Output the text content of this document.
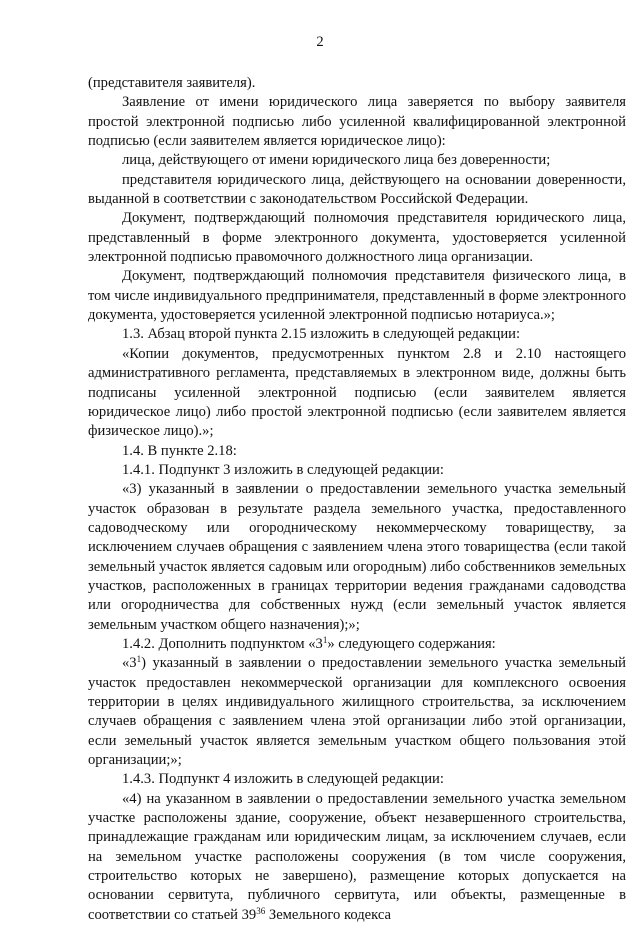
2

(представителя заявителя).

Заявление от имени юридического лица заверяется по выбору заявителя простой электронной подписью либо усиленной квалифицированной электронной подписью (если заявителем является юридическое лицо):

лица, действующего от имени юридического лица без доверенности;

представителя юридического лица, действующего на основании доверенности, выданной в соответствии с законодательством Российской Федерации.

Документ, подтверждающий полномочия представителя юридического лица, представленный в форме электронного документа, удостоверяется усиленной электронной подписью правомочного должностного лица организации.

Документ, подтверждающий полномочия представителя физического лица, в том числе индивидуального предпринимателя, представленный в форме электронного документа, удостоверяется усиленной электронной подписью нотариуса.»;

1.3. Абзац второй пункта 2.15 изложить в следующей редакции:

«Копии документов, предусмотренных пунктом 2.8 и 2.10 настоящего административного регламента, представляемых в электронном виде, должны быть подписаны усиленной электронной подписью (если заявителем является юридическое лицо) либо простой электронной подписью (если заявителем является физическое лицо).»;

1.4. В пункте 2.18:

1.4.1. Подпункт 3 изложить в следующей редакции:

«3) указанный в заявлении о предоставлении земельного участка земельный участок образован в результате раздела земельного участка, предоставленного садоводческому или огородническому некоммерческому товариществу, за исключением случаев обращения с заявлением члена этого товарищества (если такой земельный участок является садовым или огородным) либо собственников земельных участков, расположенных в границах территории ведения гражданами садоводства или огородничества для собственных нужд (если земельный участок является земельным участком общего назначения);»;

1.4.2. Дополнить подпунктом «$3^1$» следующего содержания:

«$3^1$) указанный в заявлении о предоставлении земельного участка земельный участок предоставлен некоммерческой организации для комплексного освоения территории в целях индивидуального жилищного строительства, за исключением случаев обращения с заявлением члена этой организации либо этой организации, если земельный участок является земельным участком общего пользования этой организации;»;

1.4.3. Подпункт 4 изложить в следующей редакции:

«4) на указанном в заявлении о предоставлении земельного участка земельном участке расположены здание, сооружение, объект незавершенного строительства, принадлежащие гражданам или юридическим лицам, за исключением случаев, если на земельном участке расположены сооружения (в том числе сооружения, строительство которых не завершено), размещение которых допускается на основании сервитута, публичного сервитута, или объекты, размещенные в соответствии со статьей $39^{36}$ Земельного кодекса
